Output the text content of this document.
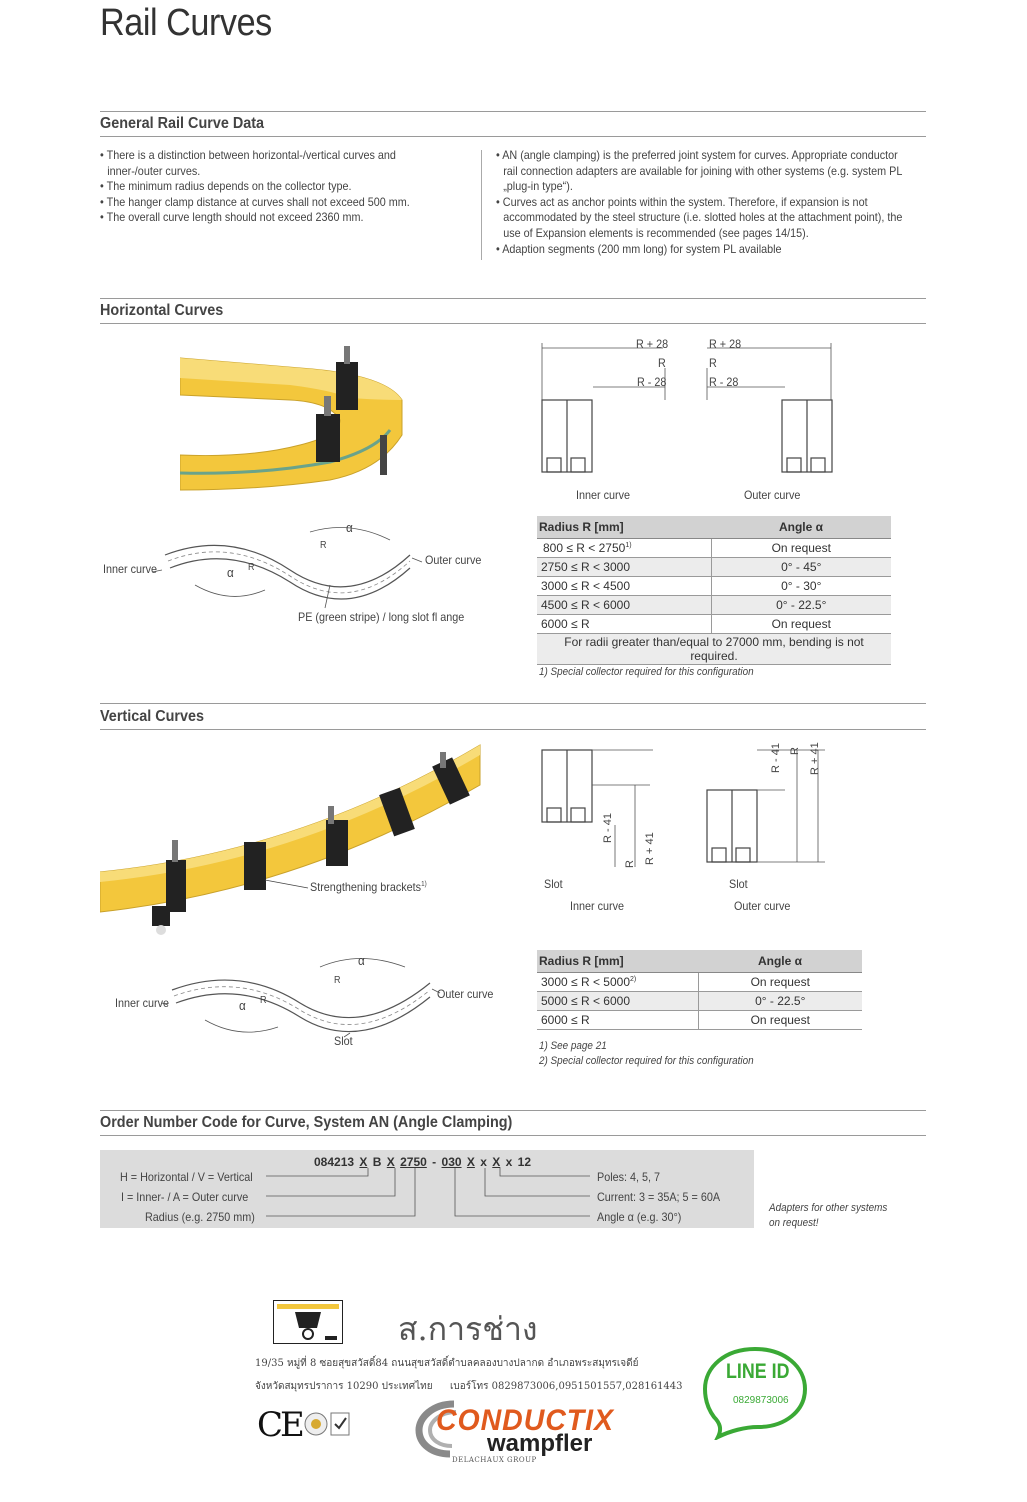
Rail Curves
General Rail Curve Data
• There is a distinction between horizontal-/vertical curves and inner-/outer curves.
• The minimum radius depends on the collector type.
• The hanger clamp distance at curves shall not exceed 500 mm.
• The overall curve length should not exceed 2360 mm.
• AN (angle clamping) is the preferred joint system for curves. Appropriate conductor rail connection adapters are available for joining with other systems (e.g. system PL „plug-in type“).
• Curves act as anchor points within the system. Therefore, if expansion is not accommodated by the steel structure (i.e. slotted holes at the attachment point), the use of Expansion elements is recommended (see pages 14/15).
• Adaption segments (200 mm long) for system PL available
Horizontal Curves
Inner curve
Outer curve
α
α
R
R
PE (green stripe) / long slot fl ange
R + 28	R + 28
R	R
R - 28	R - 28
Inner curve	Outer curve
Radius R [mm]	Angle α
$800 \le R < 2750^{1)}$	On request
2750 ≤ R < 3000	0° - 45°
3000 ≤ R < 4500	0° - 30°
4500 ≤ R < 6000	0° - 22.5°
6000 ≤ R	On request
For radii greater than/equal to 27000 mm, bending is not required.	
1) Special collector required for this configuration
Vertical Curves
Strengthening brackets$^{1)}$
Inner curve
Outer curve
α
α
R
R
Slot
R - 41
R R + 41
R - 41 R R + 41
Slot	Slot
Inner curve	Outer curve
Radius R [mm]	Angle α
$3000 \le R < 5000^{2)}$	On request
5000 ≤ R < 6000	0° - 22.5°
6000 ≤ R	On request
1) See page 21
2) Special collector required for this configuration
Order Number Code for Curve, System AN (Angle Clamping)
084213 X B X 2750 - 030 X x X x 12
H = Horizontal / V = Vertical
I = Inner- / A = Outer curve
Radius (e.g. 2750 mm)
Poles: 4, 5, 7
Current: 3 = 35A; 5 = 60A
Angle α (e.g. 30°)
Adapters for other systems
on request!
ส.การช่าง
19/35 หมู่ที่ 8 ซอยสุขสวัสดิ์84 ถนนสุขสวัสดิ์ตำบลคลองบางปลากด อำเภอพระสมุทรเจดีย์
จังหวัดสมุทรปราการ 10290 ประเทศไทย เบอร์โทร 0829873006,0951501557,028161443
LINE ID
0829873006
CE	CONDUCTIX
wampfler
DELACHAUX GROUP
